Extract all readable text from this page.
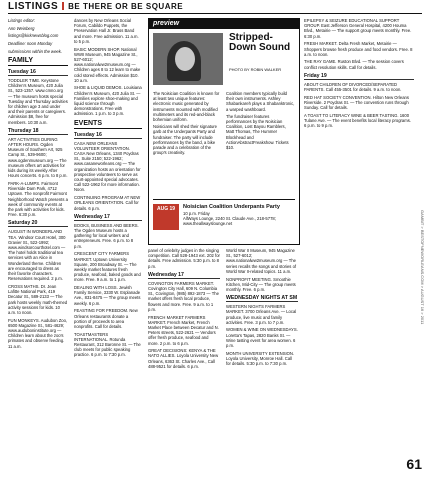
LISTINGS BE THERE OR BE SQUARE

Listings editor:

Ann Weinberg

listings@kirknewsblog.com

Deadline: noon Monday

submissions within the week.

FAMILY
Tuesday 16

TODDLER TIME. Keystone Children's Museum, 420 Julia St., 523-1357. www.cmno.org — The museum hosts special Tuesday and Thursday activities for children age 3 and under and their parents or caregivers. Admission $8, free for members. 10:30 a.m.

Thursday 18

ART ACTIVITIES DURING AFTER HOURS. Ogden Museum of Southern Art, 925 Camp St., 539-9600; www.ogdenmuseum.org — The museum offers art activities for kids during its weekly After Hours concerts. 6 p.m. to 8 p.m.

PARK-A-LUMPS. Fairmont Riverside Dam Park, 4712 Uptown. The nonprofit Fairmont Neighborhood Watch presents a week of community events at the park with activities for kids. Free. 6:30 p.m.

Saturday 20

AUGUST IN WONDERLAND TEA. Windsor Court Hotel, 300 Gravier St., 522-1992; www.windsorcourthotel.com — The hotel holds traditional tea services with an Alice in Wonderland theme. Children are encouraged to dress as their favorite characters. Reservations required. 2 p.m.

CROSS MATHS. Dr. Jean Lafitte National Park, 419 Decatur St., 589-2133 — The park hosts weekly math-themed activity sessions for kids. 10 a.m. to noon.

FUN MONKEYS. Audubon Zoo, 6500 Magazine St., 581-4629; www.auduboninstitute.org — Children learn about the zoo's primates and observe feeding. 11 a.m.

dances by New Orleans Social Forum, Cabildo Puppets, the Preservation Hall Jr. Brass Band and more. Free admission. 11 a.m. to 5 p.m.

BASIC MODERN SHOP. National WWII Museum, 945 Magazine St., 527-6012; www.nationalww2museum.org — Children ages 8 to 12 learn to make cold stored effects. Admission $10. 10 a.m.

SHOE & LIQUID DEMOS. Louisiana Children's Museum, 420 Julia St. — Families explore shoe-making and liquid science through demonstrations. Free with admission. 1 p.m. to 3 p.m.

EVENTS
Tuesday 16

CASA NEW ORLEANS VOLUNTEER ORIENTATION. CASA New Orleans, 1340 Poydras St., Suite 2150; 522-1962; www.casaneworleans.org — The organization hosts an orientation for prospective volunteers to serve as court-appointed special advocates. Call 522-1962 for more information. Noon.

CONTINUING PROGRAM AT NEW ORLEANS ORIENTATION. Call for details. 6 p.m.

Wednesday 17

BOOKS, BUSINESS AND BEERS. The Ogden Museum hosts a gathering for local writers and entrepreneurs. Free. 6 p.m. to 8 p.m.

CRESCENT CITY FARMERS MARKET. Uptown University Square, 200 Broadway St. — The weekly market features fresh produce, seafood, baked goods and more. Free. 9 a.m. to 1 p.m.

DEALING WITH LOSS. Jewish Family Service, 3330 W. Esplanade Ave., 831-8475 — The group meets weekly. 6 p.m.

FEASTING FOR FREEDOM. New Orleans restaurants donate a portion of proceeds to area nonprofits. Call for details.

TOASTMASTERS INTERNATIONAL. Rotunda Restaurant, 312 Baronne St. — The club meets for public speaking practice. 6 p.m. to 7:30 p.m.

preview
Stripped-Down Sound
PHOTO BY ROBIN WALKER

The Noisician Coalition is known for at least two unique features: electronic music generated by instruments mounted with modified multimeters and its red-and-black bohemian uniform.

Noisicians will shed their signature garb at the Underpants Party and fundraiser. The party will include performances by the band, a bike parade and a celebration of the group's creativity.

Coalition members typically build their own instruments. Ashley Shabankareh plays a Shabanktronic, a warped washboard.

The fundraiser features performances by the Noisician Coalition, Lost Bayou Ramblers, Matt Thomas, The Hummer Blockhead and ActionAbstractFreakshow. Tickets $10.

AUG 19	Noisician Coalition Underpants Party
10 p.m. Friday
AllWays Lounge, 2240 St. Claude Ave., 218-5778; www.theallwayslounge.net

panel of celebrity judges in the singing competition. Call 528-1943 ext. 202 for details. Free admission. 5:30 p.m. to 8 p.m.

Wednesday 17

COVINGTON FARMERS MARKET. Covington City Hall, 609 N. Columbia St., Covington, (985) 892-1873 — The market offers fresh local produce, flowers and more. Free. 9 a.m. to 1 p.m.

FRENCH MARKET FARMERS MARKET. French Market, French Market Place between Decatur and N. Peters streets, 522-2621 — Vendors offer fresh produce, seafood and more. 2 p.m. to 6 p.m.

GREAT DECISIONS: KENYA & THE NATO ALLIES. Loyola University New Orleans, 6363 St. Charles Ave., Call 488-9521 for details. 6 p.m.

World War II Museum, 945 Magazine St., 527-6012; www.nationalww2museum.org — The series recalls the songs and stories of World War II-related topics. 11 a.m.

NONPROFIT MEETING. Smoothie Kitchen, Mid-City — The group meets monthly. Free. 6 p.m.

WEDNESDAY NIGHTS AT SM

WESTERN NIGHTS FARMERS MARKET. 3700 Orleans Ave. — Local produce, live music and family activities. Free. 3 p.m. to 7 p.m.

WOMEN & WINE ON WEDNESDAYS. Loretta's Tapas, 2820 Banks St. — Wine tasting event for area women. 6 p.m.

MONTH UNIVERSITY EXTENSION. Loyola University, Monroe Hall. Call for details. 5:30 p.m. to 7:30 p.m.

EPILEPSY & SEIZURE EDUCATIONAL SUPPORT GROUP. East Jefferson General Hospital, 4200 Houma Blvd., Metairie — The support group meets monthly. Free. 6:30 p.m.

FRESH MARKET. Delta Fresh Market, Metairie — Shoppers browse fresh produce and food vendors. Free. 8 a.m. to noon.

THE RAY GAME. Ruston Blvd. — The session covers conflict resolution skills. Call for details.

Friday 19

ABOUT CHILDREN OF DIVORCED/SEPARATED PARENTS. Call 455-3501 for details. 9 a.m. to noon.

RED HAT SOCIETY CONVENTION. Hilton New Orleans Riverside. 2 Poydras St. — The convention runs through Sunday. Call for details.

A TOAST TO LITERACY WINE & BEER TASTING. 1600 Tulane Ave. — The event benefits local literacy programs. 6 p.m. to 9 p.m.

GAMBIT > BESTOFNEWORLEANS.COM > AUGUST 16 > 2011
61
